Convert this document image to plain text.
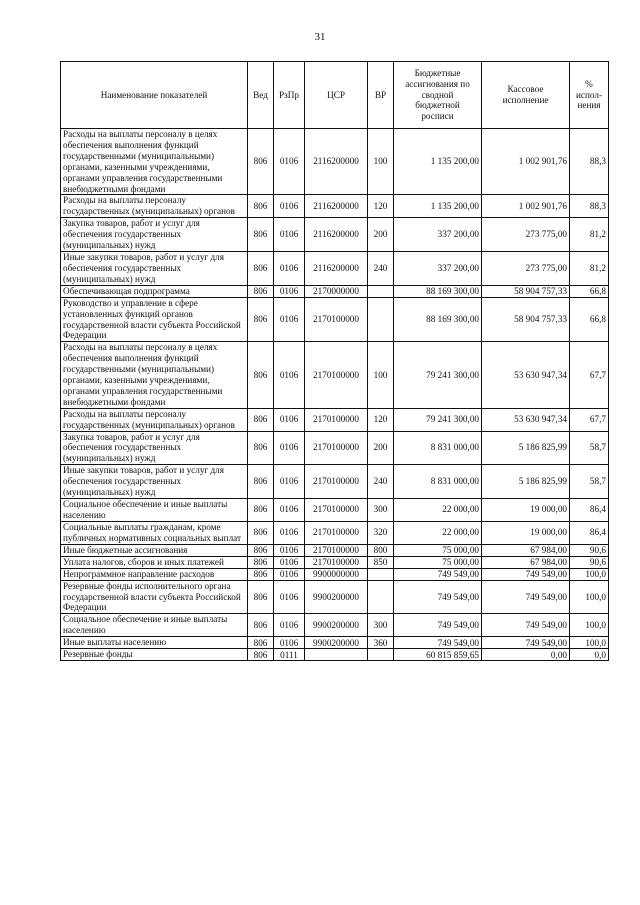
31
Наименование показателей	Вед	РзПр	ЦСР	ВР	Бюджетные ассигнования по сводной бюджетной росписи	Кассовое исполнение	% испол-нения
Расходы на выплаты персоналу в целях обеспечения выполнения функций государственными (муниципальными) органами, казенными учреждениями, органами управления государственными внебюджетными фондами	806	0106	2116200000	100	1 135 200,00	1 002 901,76	88,3
Расходы на выплаты персоналу государственных (муниципальных) органов	806	0106	2116200000	120	1 135 200,00	1 002 901,76	88,3
Закупка товаров, работ и услуг для обеспечения государственных (муниципальных) нужд	806	0106	2116200000	200	337 200,00	273 775,00	81,2
Иные закупки товаров, работ и услуг для обеспечения государственных (муниципальных) нужд	806	0106	2116200000	240	337 200,00	273 775,00	81,2
Обеспечивающая подпрограмма	806	0106	2170000000		88 169 300,00	58 904 757,33	66,8
Руководство и управление в сфере установленных функций органов государственной власти субъекта Российской Федерации	806	0106	2170100000		88 169 300,00	58 904 757,33	66,8
Расходы на выплаты персоналу в целях обеспечения выполнения функций государственными (муниципальными) органами, казенными учреждениями, органами управления государственными внебюджетными фондами	806	0106	2170100000	100	79 241 300,00	53 630 947,34	67,7
Расходы на выплаты персоналу государственных (муниципальных) органов	806	0106	2170100000	120	79 241 300,00	53 630 947,34	67,7
Закупка товаров, работ и услуг для обеспечения государственных (муниципальных) нужд	806	0106	2170100000	200	8 831 000,00	5 186 825,99	58,7
Иные закупки товаров, работ и услуг для обеспечения государственных (муниципальных) нужд	806	0106	2170100000	240	8 831 000,00	5 186 825,99	58,7
Социальное обеспечение и иные выплаты населению	806	0106	2170100000	300	22 000,00	19 000,00	86,4
Социальные выплаты гражданам, кроме публичных нормативных социальных выплат	806	0106	2170100000	320	22 000,00	19 000,00	86,4
Иные бюджетные ассигнования	806	0106	2170100000	800	75 000,00	67 984,00	90,6
Уплата налогов, сборов и иных платежей	806	0106	2170100000	850	75 000,00	67 984,00	90,6
Непрограммное направление расходов	806	0106	9900000000		749 549,00	749 549,00	100,0
Резервные фонды исполнительного органа государственной власти субъекта Российской Федерации	806	0106	9900200000		749 549,00	749 549,00	100,0
Социальное обеспечение и иные выплаты населению	806	0106	9900200000	300	749 549,00	749 549,00	100,0
Иные выплаты населению	806	0106	9900200000	360	749 549,00	749 549,00	100,0
Резервные фонды	806	0111			60 815 859,65	0,00	0,0
